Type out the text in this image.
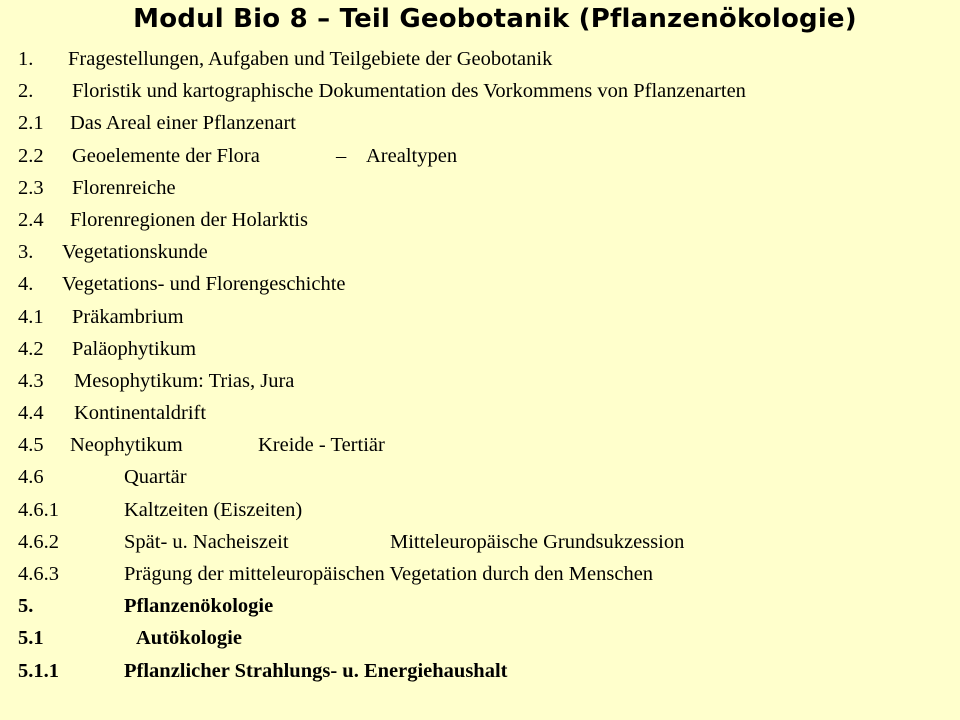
Modul Bio 8 – Teil Geobotanik (Pflanzenökologie)
1. Fragestellungen, Aufgaben und Teilgebiete der Geobotanik
2. Floristik und kartographische Dokumentation des Vorkommens von Pflanzenarten
2.1 Das Areal einer Pflanzenart
2.2 Geoelemente der Flora	– Arealtypen
2.3 Florenreiche
2.4 Florenregionen der Holarktis
3. Vegetationskunde
4. Vegetations- und Florengeschichte
4.1 Präkambrium
4.2 Paläophytikum
4.3 Mesophytikum: Trias, Jura
4.4 Kontinentaldrift
4.5 Neophytikum	Kreide - Tertiär
4.6	Quartär
4.6.1	Kaltzeiten (Eiszeiten)
4.6.2	Spät- u. Nacheiszeit	Mitteleuropäische Grundsukzession
4.6.3	Prägung der mitteleuropäischen Vegetation durch den Menschen
5.	Pflanzenökologie
5.1	Autökologie
5.1.1	Pflanzlicher Strahlungs- u. Energiehaushalt
